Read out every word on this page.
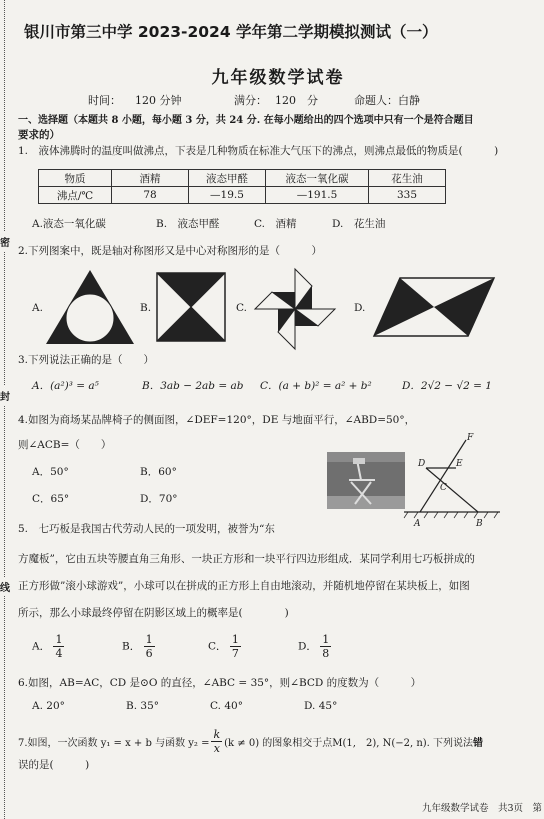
密
封
线
银川市第三中学 2023-2024 学年第二学期模拟测试（一）
九年级数学试卷
时间： 120 分钟	满分： 120　分	命题人：白静
一、选择题（本题共 8 小题，每小题 3 分，共 24 分. 在每小题给出的四个选项中只有一个是符合题目
要求的）
1.　液体沸腾时的温度叫做沸点，下表是几种物质在标准大气压下的沸点，则沸点最低的物质是(　　　)
物质	酒精	液态甲醛	液态一氧化碳	花生油
沸点/℃	78	—19.5	—191.5	335
A.液态一氧化碳	B.　液态甲醛	C.　酒精	D.　花生油
2.下列图案中，既是轴对称图形又是中心对称图形的是（　　　）
A.	B.	C.	D.
3.下列说法正确的是（　　）
A．(a²)³ = a⁵	B．3ab − 2ab = ab C．(a + b)² = a² + b²	D．2√2 − √2 = 1
4.如图为商场某品牌椅子的侧面图，∠DEF=120°，DE 与地面平行，∠ABD=50°，
则∠ACB=（　　）
A．50°	B．60°
C．65°	D．70°
F
D	E
C
A	B
5.　七巧板是我国古代劳动人民的一项发明，被誉为“东
方魔板”，它由五块等腰直角三角形、一块正方形和一块平行四边形组成．某同学利用七巧板拼成的
正方形做”滚小球游戏”，小球可以在拼成的正方形上自由地滚动，并随机地停留在某块板上，如图
所示，那么小球最终停留在阴影区域上的概率是(　　　　)
A． $\frac{1}{4}$	B． $\frac{1}{6}$	C． $\frac{1}{7}$	D． $\frac{1}{8}$
6.如图，AB=AC，CD 是⊙O 的直径，∠ABC = 35°，则∠BCD 的度数为（　　　）
A. 20°	B. 35°	C. 40°	D. 45°
7.如图，一次函数 y₁ = x + b 与函数 $y_2 = \frac{k}{x} (k \ne 0)$ 的图象相交于点M(1,　2), N(−2, n). 下列说法 错
误的是(　　　)
九年级数学试卷　共3页　第
